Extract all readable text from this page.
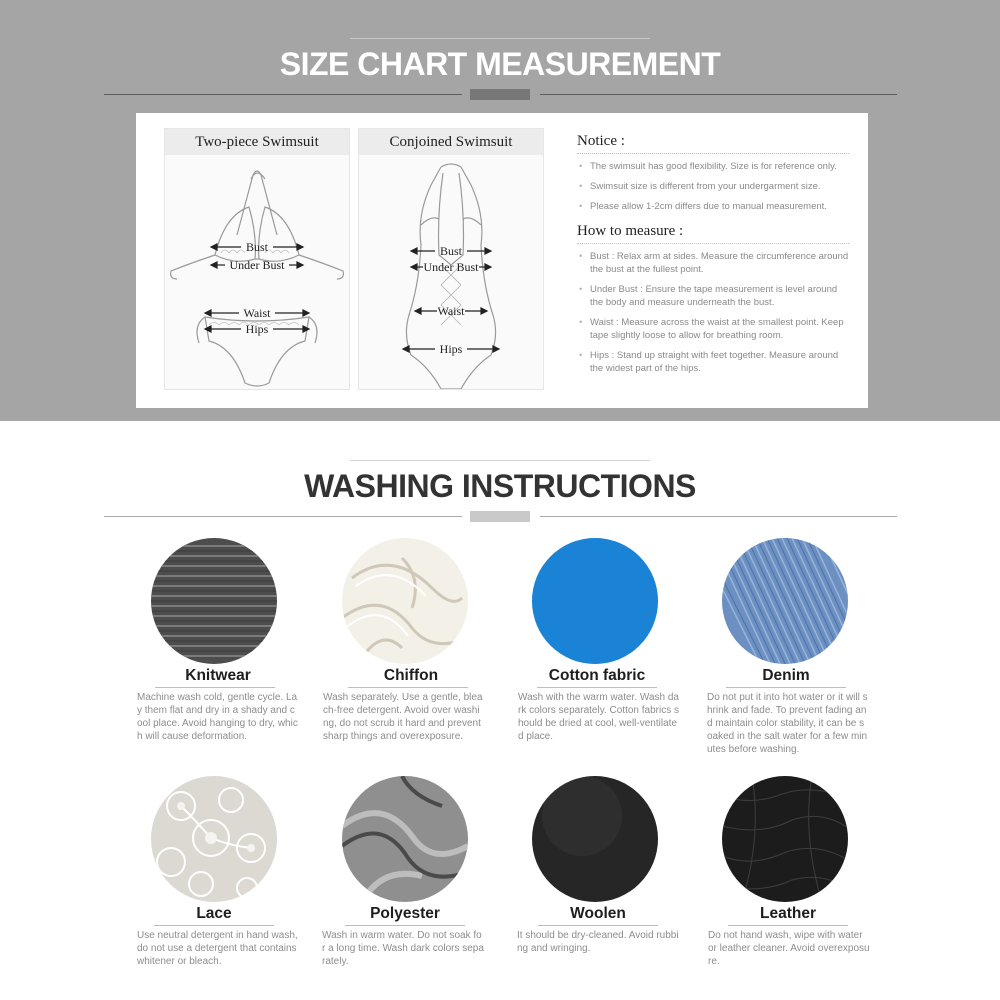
SIZE CHART MEASUREMENT
Two-piece Swimsuit
Bust
Under Bust
Waist
Hips
Conjoined Swimsuit
Bust
Under Bust
Waist
Hips
Notice :
• The swimsuit has good flexibility. Size is for reference only.
• Swimsuit size is different from your undergarment size.
• Please allow 1-2cm differs due to manual measurement.
How to measure :
• Bust : Relax arm at sides. Measure the circumference around the bust at the fullest point.
• Under Bust : Ensure the tape measurement is level around the body and measure underneath the bust.
• Waist : Measure across the waist at the smallest point. Keep tape slightly loose to allow for breathing room.
• Hips : Stand up straight with feet together. Measure around the widest part of the hips.
WASHING INSTRUCTIONS
Knitwear
Machine wash cold, gentle cycle. Lay them flat and dry in a shady and cool place. Avoid hanging to dry, which will cause deformation.
Chiffon
Wash separately. Use a gentle, bleach-free detergent. Avoid over washing, do not scrub it hard and prevent sharp things and overexposure.
Cotton fabric
Wash with the warm water. Wash dark colors separately. Cotton fabrics should be dried at cool, well-ventilated place.
Denim
Do not put it into hot water or it will shrink and fade. To prevent fading and maintain color stability, it can be soaked in the salt water for a few minutes before washing.
Lace
Use neutral detergent in hand wash, do not use a detergent that contains whitener or bleach.
Polyester
Wash in warm water. Do not soak for a long time. Wash dark colors separately.
Woolen
It should be dry-cleaned. Avoid rubbing and wringing.
Leather
Do not hand wash, wipe with water or leather cleaner. Avoid overexposure.
